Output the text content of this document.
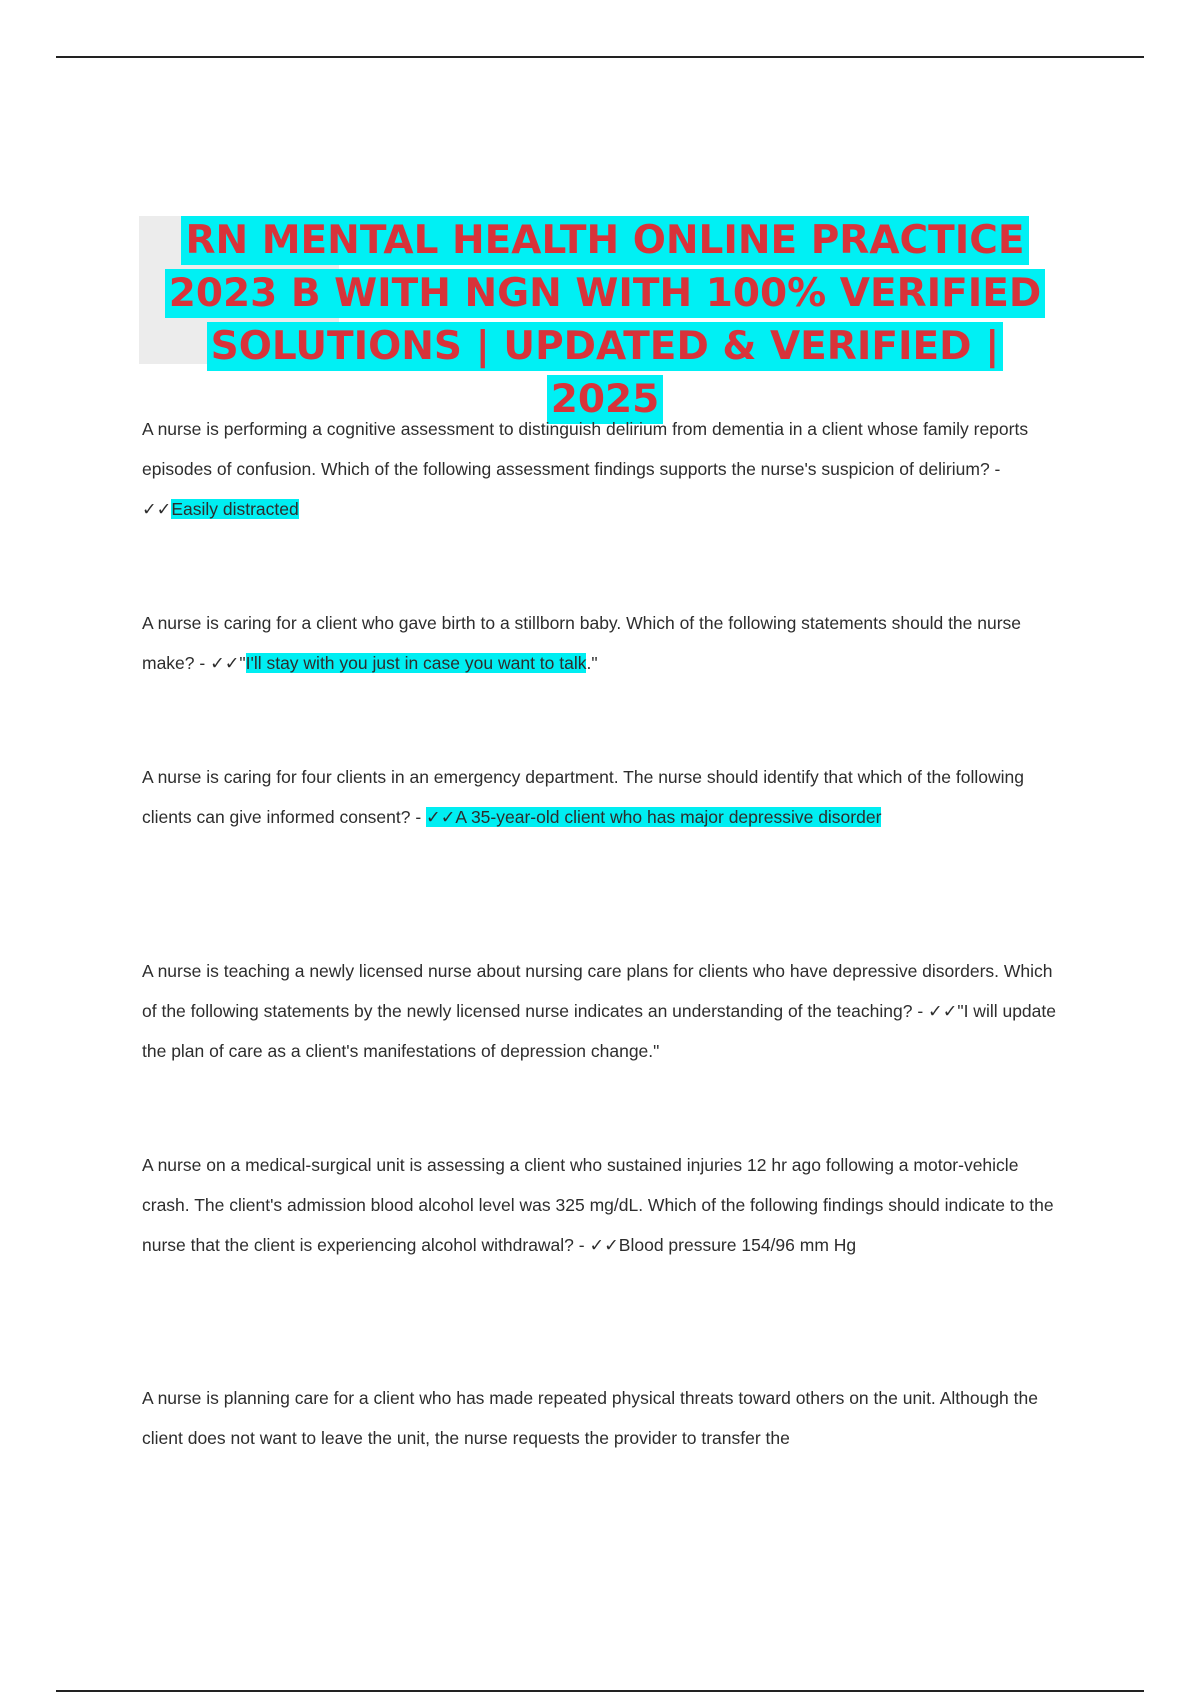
RN MENTAL HEALTH ONLINE PRACTICE 2023 B WITH NGN WITH 100% VERIFIED SOLUTIONS | UPDATED & VERIFIED | 2025
A nurse is performing a cognitive assessment to distinguish delirium from dementia in a client whose family reports episodes of confusion. Which of the following assessment findings supports the nurse's suspicion of delirium? - ✓✓Easily distracted
A nurse is caring for a client who gave birth to a stillborn baby. Which of the following statements should the nurse make? - ✓✓"I'll stay with you just in case you want to talk."
A nurse is caring for four clients in an emergency department. The nurse should identify that which of the following clients can give informed consent? - ✓✓A 35-year-old client who has major depressive disorder
A nurse is teaching a newly licensed nurse about nursing care plans for clients who have depressive disorders. Which of the following statements by the newly licensed nurse indicates an understanding of the teaching? - ✓✓"I will update the plan of care as a client's manifestations of depression change."
A nurse on a medical-surgical unit is assessing a client who sustained injuries 12 hr ago following a motor-vehicle crash. The client's admission blood alcohol level was 325 mg/dL. Which of the following findings should indicate to the nurse that the client is experiencing alcohol withdrawal? - ✓✓Blood pressure 154/96 mm Hg
A nurse is planning care for a client who has made repeated physical threats toward others on the unit. Although the client does not want to leave the unit, the nurse requests the provider to transfer the
